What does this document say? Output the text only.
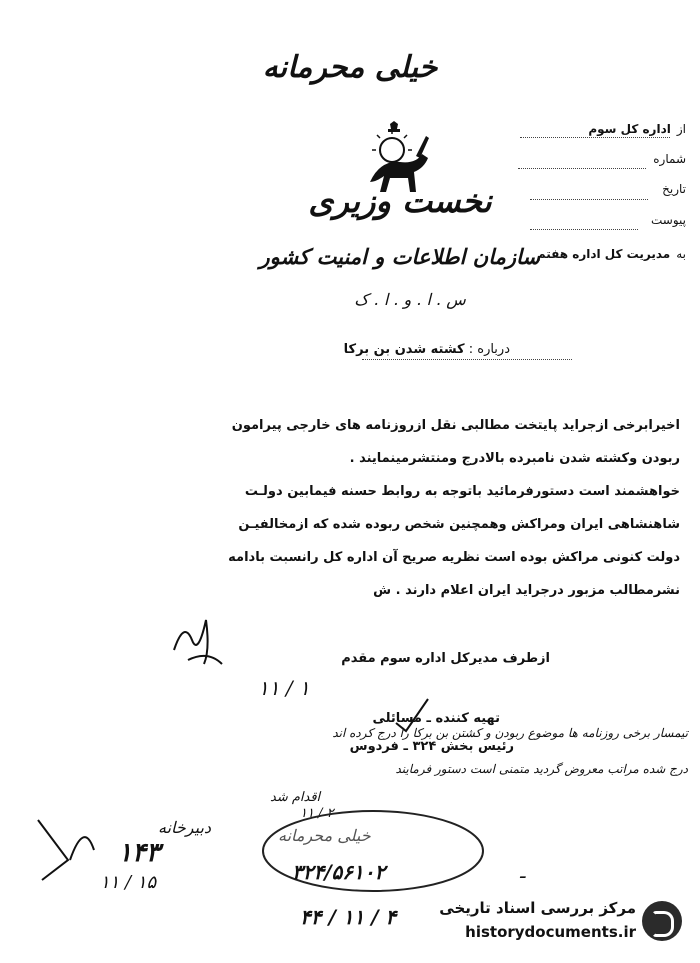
خیلی محرمانه
نخست وزیری
سازمان اطلاعات و امنیت کشور
س . ا . و . ا . ک
از
اداره کل سوم
شماره
تاریخ
پیوست
به
مدیریت کل اداره هفتم
درباره : کشته شدن بن برکا
اخیرابرخی ازجراید پایتخت مطالبی نقل ازروزنامه های خارجی پیرامون
ربودن وکشته شدن نامبرده بالادرج ومنتشرمینمایند .
خواهشمند است دستورفرمائید باتوجه به روابط حسنه فیمابین دولـت
شاهنشاهی ایران ومراکش وهمچنین شخص ربوده شده که ازمخالفیـن
دولت کنونی مراکش بوده است نظریه صریح آن اداره کل رانسبت بادامه
نشرمطالب مزبور درجراید ایران اعلام دارند . ش
ازطرف مدیرکل اداره سوم مقدم
۱۱ / ۱
تهیه کننده ـ مسائلی
رئیس بخش ۳۲۴ ـ فردوس
تیمسار برخی روزنامه ها موضوع ربودن و کشتن بن برکا را درج کرده اند
درج شده مراتب معروض گردید متمنی است دستور فرمایند
اقدام شد
۱۱ / ۲
دبیرخانه
۱۴۳
۱۱ / ۱۵
خیلی محرمانه
۳۲۴/۵۶۱۰۲	ـ
۴۴ / ۱۱ / ۴	مرکز بررسی اسناد تاریخی
historydocuments.ir
